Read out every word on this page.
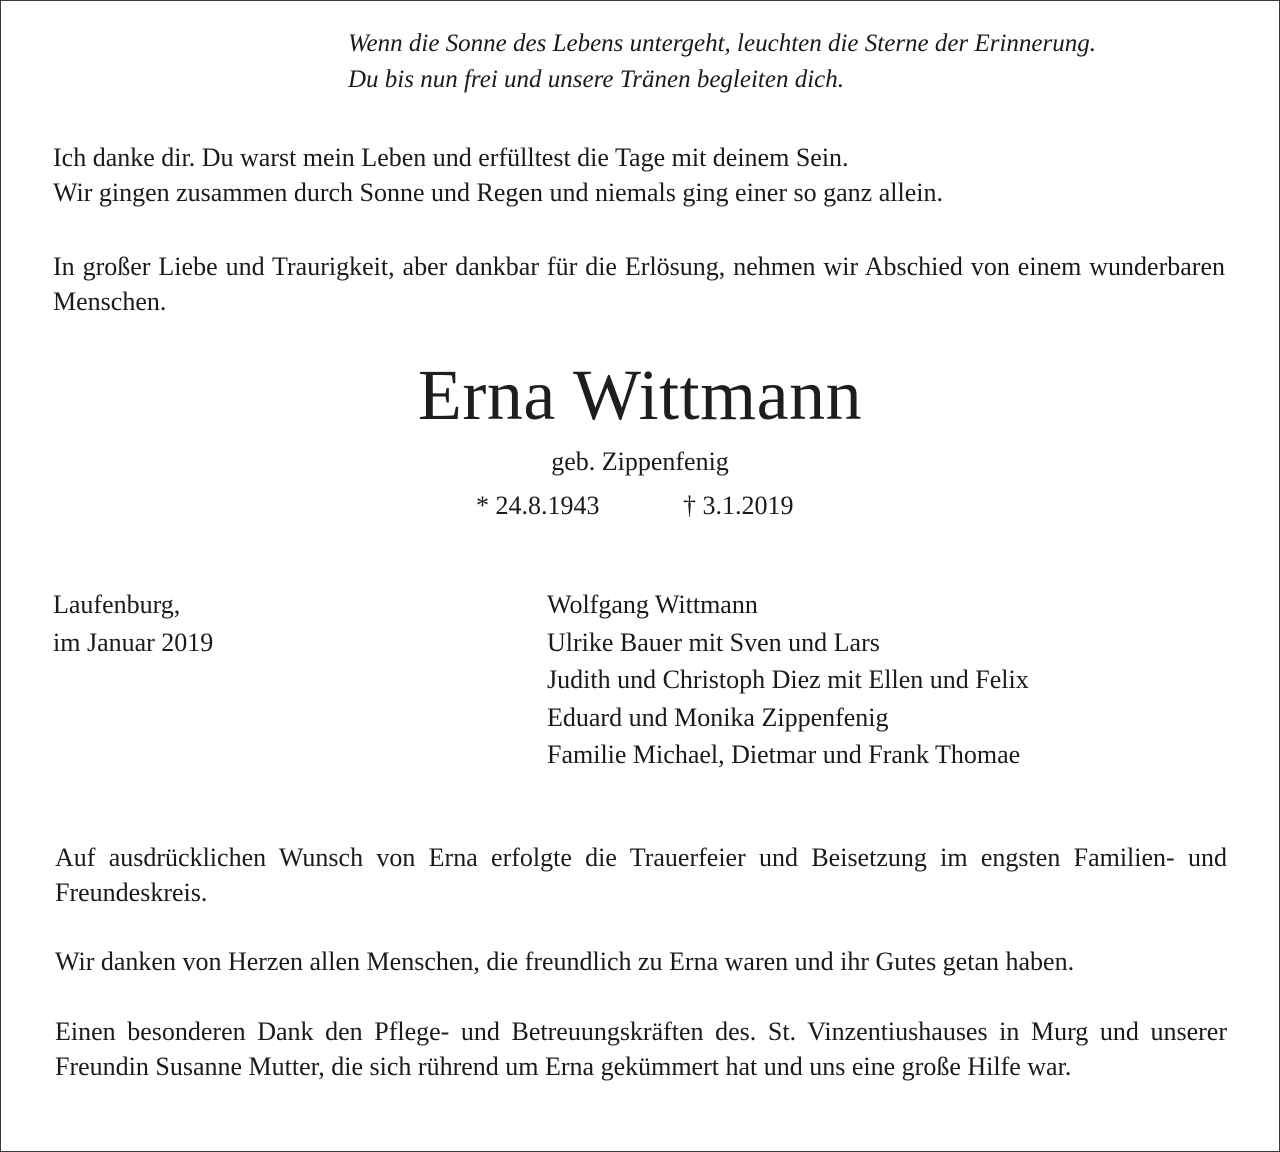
Wenn die Sonne des Lebens untergeht, leuchten die Sterne der Erinnerung.
Du bis nun frei und unsere Tränen begleiten dich.
Ich danke dir. Du warst mein Leben und erfülltest die Tage mit deinem Sein.
Wir gingen zusammen durch Sonne und Regen und niemals ging einer so ganz allein.
In großer Liebe und Traurigkeit, aber dankbar für die Erlösung, nehmen wir Abschied von einem wunderbaren Menschen.
Erna Wittmann
geb. Zippenfenig
* 24.8.1943	† 3.1.2019
Laufenburg,
im Januar 2019
Wolfgang Wittmann
Ulrike Bauer mit Sven und Lars
Judith und Christoph Diez mit Ellen und Felix
Eduard und Monika Zippenfenig
Familie Michael, Dietmar und Frank Thomae
Auf ausdrücklichen Wunsch von Erna erfolgte die Trauerfeier und Beisetzung im engsten Familien- und Freundeskreis.
Wir danken von Herzen allen Menschen, die freundlich zu Erna waren und ihr Gutes getan haben.
Einen besonderen Dank den Pflege- und Betreuungskräften des. St. Vinzentiushauses in Murg und unserer Freundin Susanne Mutter, die sich rührend um Erna gekümmert hat und uns eine große Hilfe war.
